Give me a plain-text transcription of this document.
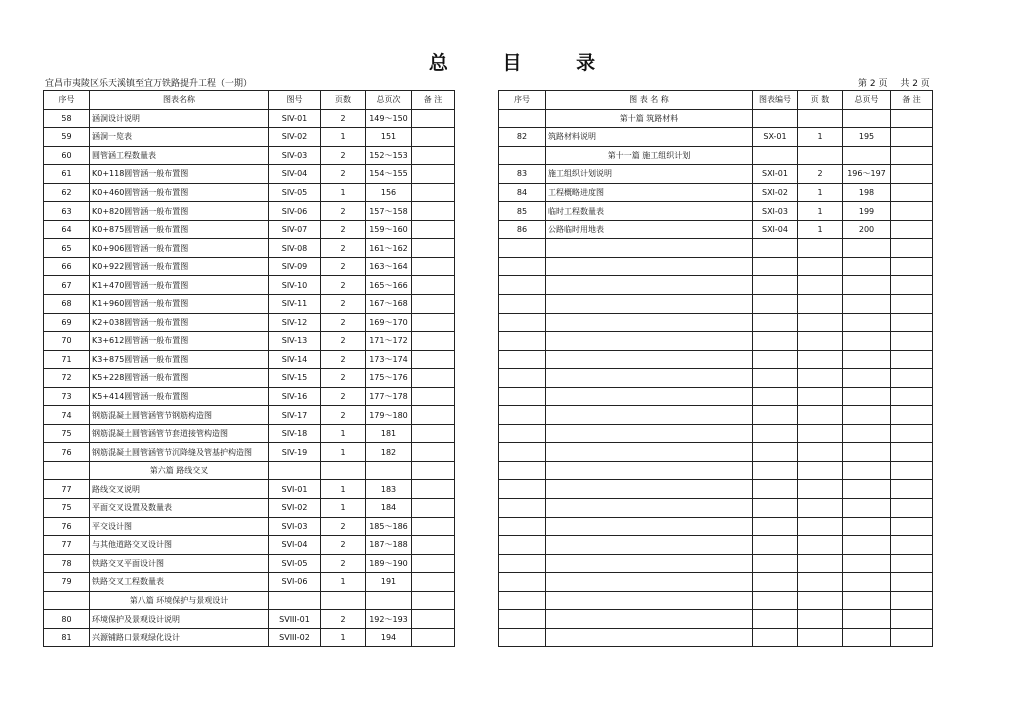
总	目	录
宜昌市夷陵区乐天溪镇至宜万铁路提升工程（一期）	第 2 页 共 2 页
序号	图表名称	图号	页数	总页次	备 注
58	涵洞设计说明	SIV-01	2	149～150	
59	涵洞一览表	SIV-02	1	151	
60	圆管涵工程数量表	SIV-03	2	152～153	
61	K0+118圆管涵一般布置图	SIV-04	2	154～155	
62	K0+460圆管涵一般布置图	SIV-05	1	156	
63	K0+820圆管涵一般布置图	SIV-06	2	157～158	
64	K0+875圆管涵一般布置图	SIV-07	2	159～160	
65	K0+906圆管涵一般布置图	SIV-08	2	161～162	
66	K0+922圆管涵一般布置图	SIV-09	2	163～164	
67	K1+470圆管涵一般布置图	SIV-10	2	165～166	
68	K1+960圆管涵一般布置图	SIV-11	2	167～168	
69	K2+038圆管涵一般布置图	SIV-12	2	169～170	
70	K3+612圆管涵一般布置图	SIV-13	2	171～172	
71	K3+875圆管涵一般布置图	SIV-14	2	173～174	
72	K5+228圆管涵一般布置图	SIV-15	2	175～176	
73	K5+414圆管涵一般布置图	SIV-16	2	177～178	
74	钢筋混凝土圆管涵管节钢筋构造图	SIV-17	2	179～180	
75	钢筋混凝土圆管涵管节套道接管构造图	SIV-18	1	181	
76	钢筋混凝土圆管涵管节沉降缝及管基护构造图	SIV-19	1	182	
	第六篇 路线交叉				
77	路线交叉说明	SVI-01	1	183	
75	平面交叉设置及数量表	SVI-02	1	184	
76	平交设计图	SVI-03	2	185～186	
77	与其他道路交叉设计图	SVI-04	2	187～188	
78	铁路交叉平面设计图	SVI-05	2	189～190	
79	铁路交叉工程数量表	SVI-06	1	191	
	第八篇 环境保护与景观设计				
80	环境保护及景观设计说明	SVIII-01	2	192～193	
81	兴源铺路口景观绿化设计	SVIII-02	1	194	
序号	图 表 名 称	图表编号	页 数	总页号	备 注
	第十篇 筑路材料				
82	筑路材料说明	SX-01	1	195	
	第十一篇 施工组织计划				
83	施工组织计划说明	SXI-01	2	196～197	
84	工程概略进度图	SXI-02	1	198	
85	临时工程数量表	SXI-03	1	199	
86	公路临时用地表	SXI-04	1	200	
